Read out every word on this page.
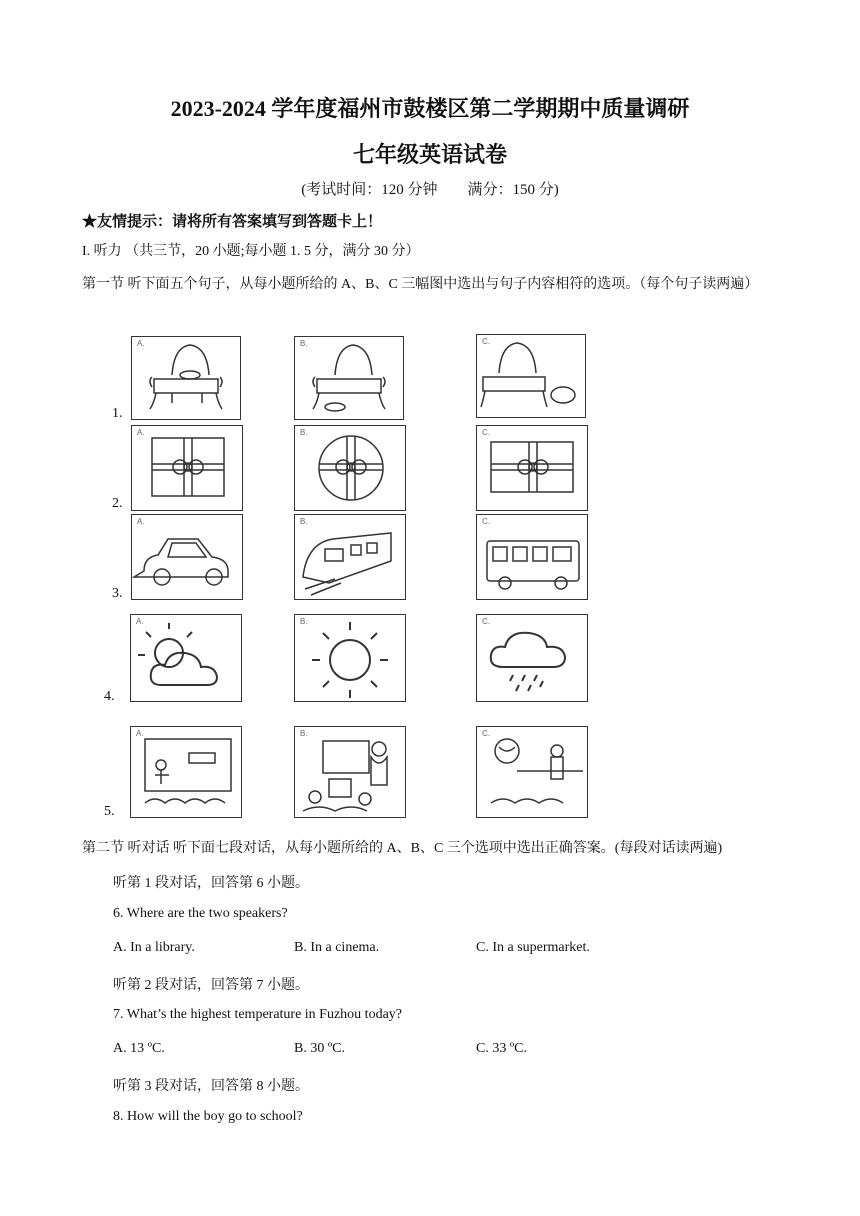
2023-2024 学年度福州市鼓楼区第二学期期中质量调研
七年级英语试卷
(考试时间：120 分钟　　满分：150 分)
★友情提示：请将所有答案填写到答题卡上！
I. 听力 （共三节，20 小题;每小题 1. 5 分，满分 30 分）
第一节 听下面五个句子，从每小题所给的 A、B、C 三幅图中选出与句子内容相符的选项。（每个句子读两遍）
1.
A.	B.	C.
2.
A.	B.	C.
3.
A.	B.	C.
4.
A.	B.	C.
5.
A.	B.	C.
第二节 听对话 听下面七段对话，从每小题所给的 A、B、C 三个选项中选出正确答案。(每段对话读两遍)
听第 1 段对话，回答第 6 小题。
6. Where are the two speakers?
A. In a library.	B. In a cinema.	C. In a supermarket.
听第 2 段对话，回答第 7 小题。
7. What’s the highest temperature in Fuzhou today?
A. 13 ºC.	B. 30 ºC.	C. 33 ºC.
听第 3 段对话，回答第 8 小题。
8. How will the boy go to school?
